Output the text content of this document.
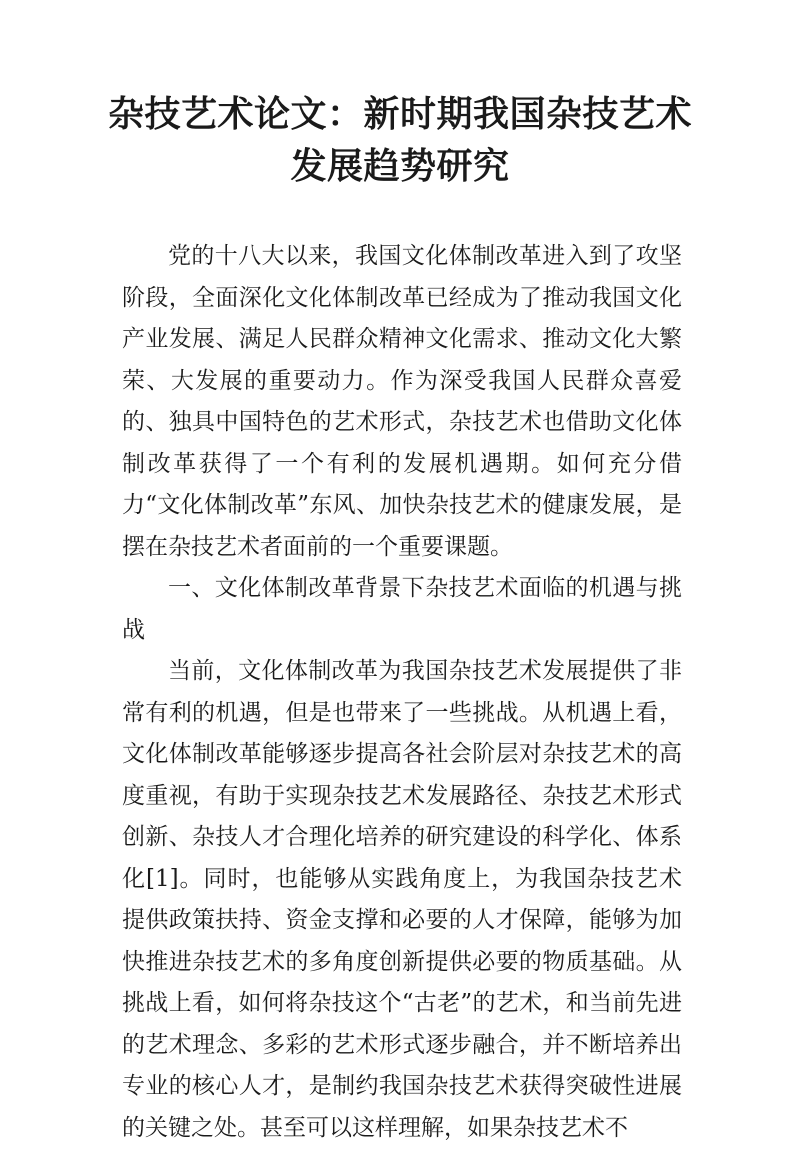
杂技艺术论文：新时期我国杂技艺术发展趋势研究

党的十八大以来，我国文化体制改革进入到了攻坚阶段，全面深化文化体制改革已经成为了推动我国文化产业发展、满足人民群众精神文化需求、推动文化大繁荣、大发展的重要动力。作为深受我国人民群众喜爱的、独具中国特色的艺术形式，杂技艺术也借助文化体制改革获得了一个有利的发展机遇期。如何充分借力“文化体制改革”东风、加快杂技艺术的健康发展，是摆在杂技艺术者面前的一个重要课题。

一、文化体制改革背景下杂技艺术面临的机遇与挑战

当前，文化体制改革为我国杂技艺术发展提供了非常有利的机遇，但是也带来了一些挑战。从机遇上看，文化体制改革能够逐步提高各社会阶层对杂技艺术的高度重视，有助于实现杂技艺术发展路径、杂技艺术形式创新、杂技人才合理化培养的研究建设的科学化、体系化[1]。同时，也能够从实践角度上，为我国杂技艺术提供政策扶持、资金支撑和必要的人才保障，能够为加快推进杂技艺术的多角度创新提供必要的物质基础。从挑战上看，如何将杂技这个“古老”的艺术，和当前先进的艺术理念、多彩的艺术形式逐步融合，并不断培养出专业的核心人才，是制约我国杂技艺术获得突破性进展的关键之处。甚至可以这样理解，如果杂技艺术不
